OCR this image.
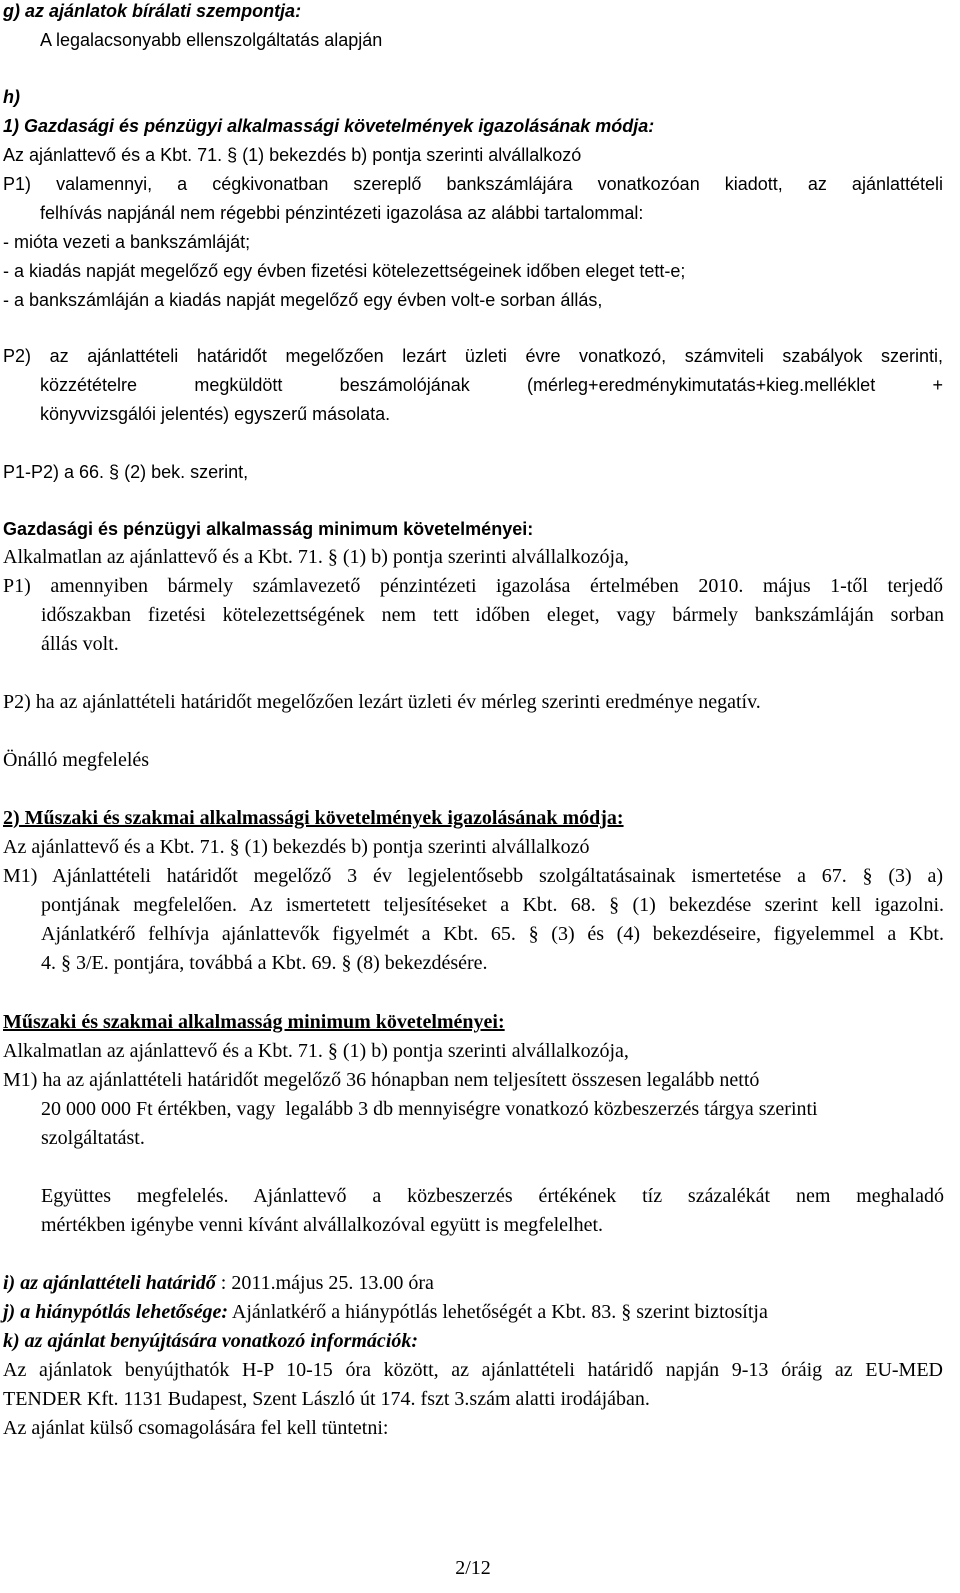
g) az ajánlatok bírálati szempontja:
A legalacsonyabb ellenszolgáltatás alapján
h)
1) Gazdasági és pénzügyi alkalmassági követelmények igazolásának módja:
Az ajánlattevő és a Kbt. 71. § (1) bekezdés b) pontja szerinti alvállalkozó
P1) valamennyi, a cégkivonatban szereplő bankszámlájára vonatkozóan kiadott, az ajánlattételi
felhívás napjánál nem régebbi pénzintézeti igazolása az alábbi tartalommal:
- mióta vezeti a bankszámláját;
- a kiadás napját megelőző egy évben fizetési kötelezettségeinek időben eleget tett-e;
- a bankszámláján a kiadás napját megelőző egy évben volt-e sorban állás,
P2) az ajánlattételi határidőt megelőzően lezárt üzleti évre vonatkozó, számviteli szabályok szerinti,
közzétételre megküldött beszámolójának (mérleg+eredménykimutatás+kieg.melléklet +
könyvvizsgálói jelentés) egyszerű másolata.
P1-P2) a 66. § (2) bek. szerint,
Gazdasági és pénzügyi alkalmasság minimum követelményei:
Alkalmatlan az ajánlattevő és a Kbt. 71. § (1) b) pontja szerinti alvállalkozója,
P1) amennyiben bármely számlavezető pénzintézeti igazolása értelmében 2010. május 1-től terjedő
időszakban fizetési kötelezettségének nem tett időben eleget, vagy bármely bankszámláján sorban
állás volt.
P2) ha az ajánlattételi határidőt megelőzően lezárt üzleti év mérleg szerinti eredménye negatív.
Önálló megfelelés
2) Műszaki és szakmai alkalmassági követelmények igazolásának módja:
Az ajánlattevő és a Kbt. 71. § (1) bekezdés b) pontja szerinti alvállalkozó
M1) Ajánlattételi határidőt megelőző 3 év legjelentősebb szolgáltatásainak ismertetése a 67. § (3) a)
pontjának megfelelően. Az ismertetett teljesítéseket a Kbt. 68. § (1) bekezdése szerint kell igazolni.
Ajánlatkérő felhívja ajánlattevők figyelmét a Kbt. 65. § (3) és (4) bekezdéseire, figyelemmel a Kbt.
4. § 3/E. pontjára, továbbá a Kbt. 69. § (8) bekezdésére.
Műszaki és szakmai alkalmasság minimum követelményei:
Alkalmatlan az ajánlattevő és a Kbt. 71. § (1) b) pontja szerinti alvállalkozója,
M1) ha az ajánlattételi határidőt megelőző 36 hónapban nem teljesített összesen legalább nettó
20 000 000 Ft értékben, vagy  legalább 3 db mennyiségre vonatkozó közbeszerzés tárgya szerinti
szolgáltatást.
Együttes megfelelés. Ajánlattevő a közbeszerzés értékének tíz százalékát nem meghaladó
mértékben igénybe venni kívánt alvállalkozóval együtt is megfelelhet.
i) az ajánlattételi határidő : 2011.május 25. 13.00 óra
j) a hiánypótlás lehetősége: Ajánlatkérő a hiánypótlás lehetőségét a Kbt. 83. § szerint biztosítja
k) az ajánlat benyújtására vonatkozó információk:
Az ajánlatok benyújthatók H-P 10-15 óra között, az ajánlattételi határidő napján 9-13 óráig az EU-MED
TENDER Kft. 1131 Budapest, Szent László út 174. fszt 3.szám alatti irodájában.
Az ajánlat külső csomagolására fel kell tüntetni:
2/12
